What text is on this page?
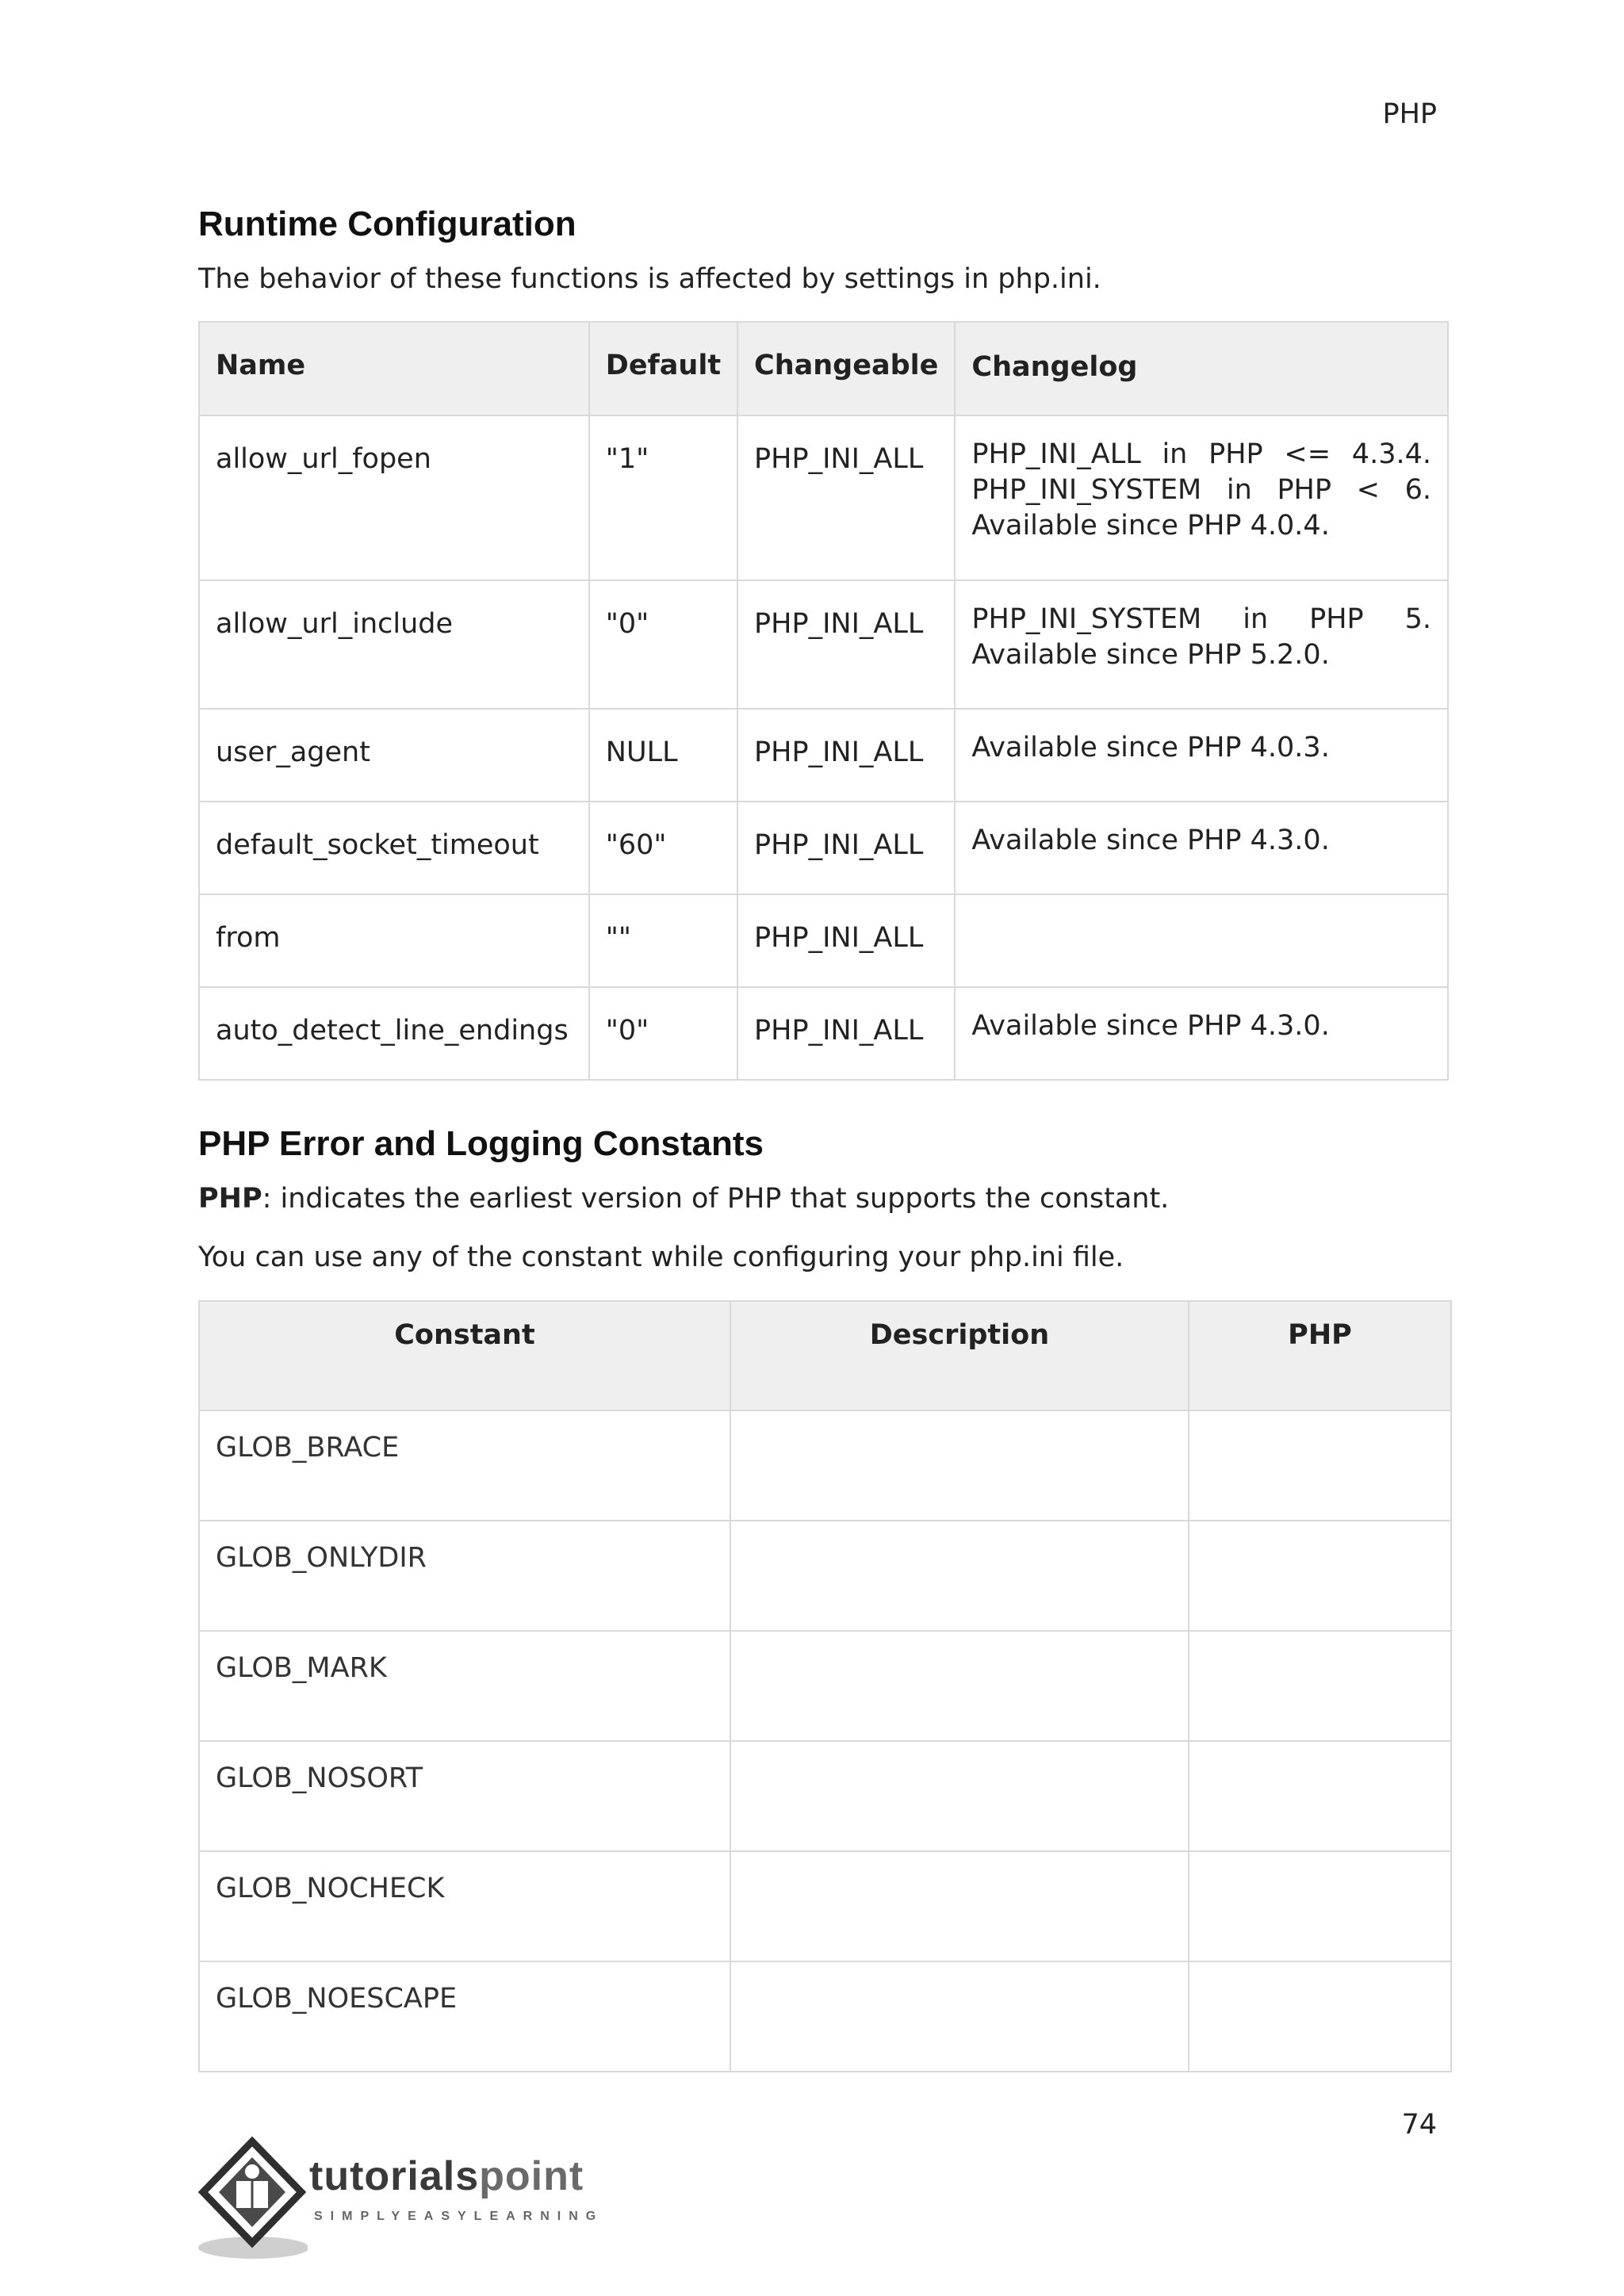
PHP
Runtime Configuration

The behavior of these functions is affected by settings in php.ini.

Name	Default	Changeable	Changelog

allow_url_fopen	"1"	PHP_INI_ALL	PHP_INI_ALL in PHP <= 4.3.4.
PHP_INI_SYSTEM in PHP < 6.
Available since PHP 4.0.4.

allow_url_include	"0"	PHP_INI_ALL	PHP_INI_SYSTEM in PHP 5.
Available since PHP 5.2.0.

user_agent	NULL	PHP_INI_ALL	Available since PHP 4.0.3.

default_socket_timeout	"60"	PHP_INI_ALL	Available since PHP 4.3.0.

from	""	PHP_INI_ALL	

auto_detect_line_endings	"0"	PHP_INI_ALL	Available since PHP 4.3.0.
PHP Error and Logging Constants

PHP: indicates the earliest version of PHP that supports the constant.

You can use any of the constant while configuring your php.ini file.

Constant	Description	PHP

GLOB_BRACE		

GLOB_ONLYDIR		

GLOB_MARK		

GLOB_NOSORT		

GLOB_NOCHECK		

GLOB_NOESCAPE		

74
tutorialspoint
SIMPLYEASYLEARNING
